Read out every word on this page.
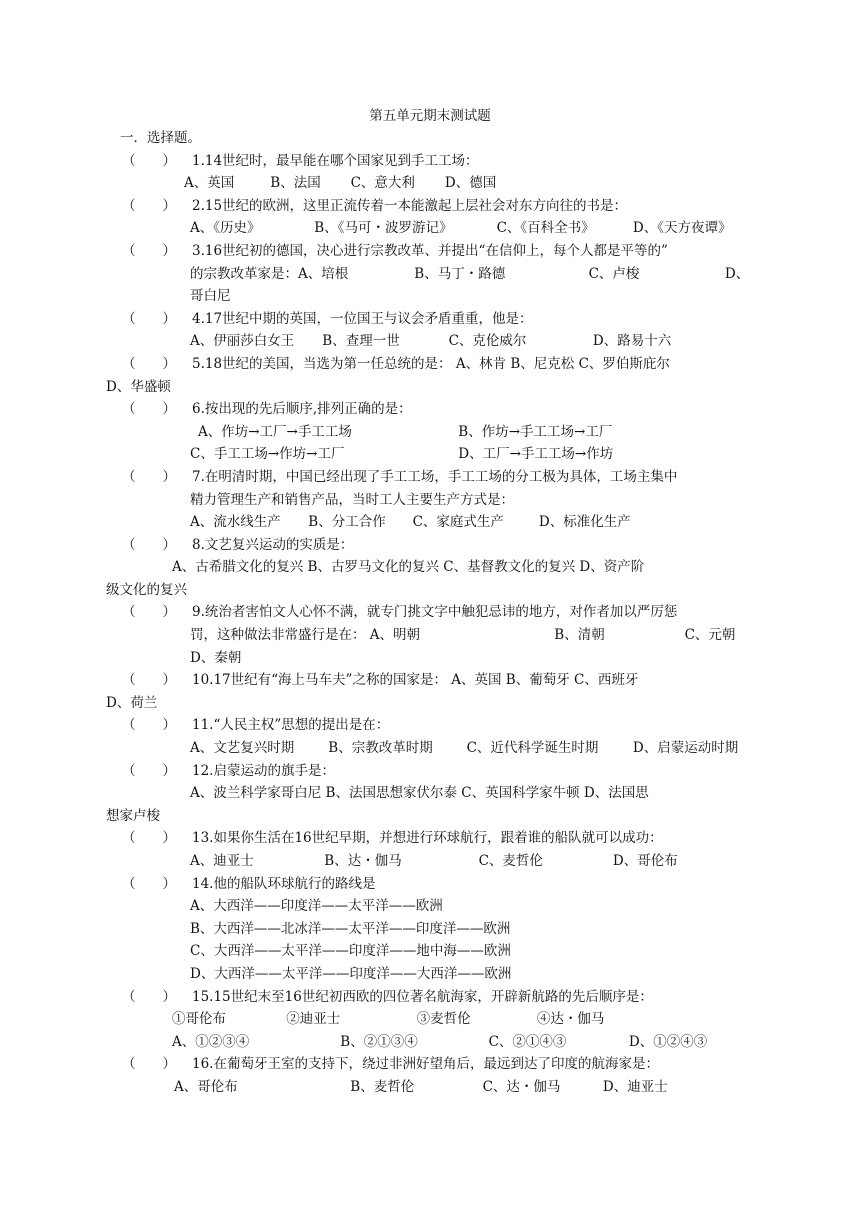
第五单元期末测试题
一．选择题。
（　　）	1.14世纪时，最早能在哪个国家见到手工工场：
A、英国	B、法国 C、意大利 D、德国
（　　）	2.15世纪的欧洲，这里正流传着一本能激起上层社会对东方向往的书是：
A、《历史》	B、《马可・波罗游记》	C、《百科全书》	D、《天方夜谭》
（　　）	3.16世纪初的德国，决心进行宗教改革、并提出“在信仰上，每个人都是平等的”
的宗教改革家是：A、培根	B、马丁・路德	C、卢梭	D、
哥白尼
（　　）	4.17世纪中期的英国，一位国王与议会矛盾重重，他是：
A、伊丽莎白女王 B、查理一世	C、克伦威尔	D、路易十六
（　　）	5.18世纪的美国，当选为第一任总统的是： A、林肯 B、尼克松 C、罗伯斯庇尔
D、华盛顿
（　　）	6.按出现的先后顺序,排列正确的是：
A、作坊→工厂→手工工场	B、作坊→手工工场→工厂
C、手工工场→作坊→工厂	D、工厂→手工工场→作坊
（　　）	7.在明清时期，中国已经出现了手工工场，手工工场的分工极为具体，工场主集中
精力管理生产和销售产品，当时工人主要生产方式是：
A、流水线生产 B、分工合作 C、家庭式生产	D、标准化生产
（　　）	8.文艺复兴运动的实质是：
A、古希腊文化的复兴 B、古罗马文化的复兴 C、基督教文化的复兴 D、资产阶
级文化的复兴
（　　）	9.统治者害怕文人心怀不满，就专门挑文字中触犯忌讳的地方，对作者加以严厉惩
罚，这种做法非常盛行是在： A、明朝	B、清朝	C、元朝
D、秦朝
（　　）	10.17世纪有“海上马车夫”之称的国家是： A、英国 B、葡萄牙 C、西班牙
D、荷兰
（　　）	11.“人民主权”思想的提出是在：
A、文艺复兴时期	B、宗教改革时期	C、近代科学诞生时期	D、启蒙运动时期
（　　）	12.启蒙运动的旗手是：
A、波兰科学家哥白尼 B、法国思想家伏尔泰 C、英国科学家牛顿 D、法国思
想家卢梭
（　　）	13.如果你生活在16世纪早期，并想进行环球航行，跟着谁的船队就可以成功：
A、迪亚士	B、达・伽马	C、麦哲伦	D、哥伦布
（　　）	14.他的船队环球航行的路线是
A、大西洋——印度洋——太平洋——欧洲
B、大西洋——北冰洋——太平洋——印度洋——欧洲
C、大西洋——太平洋——印度洋——地中海——欧洲
D、大西洋——太平洋——印度洋——大西洋——欧洲
（　　）	15.15世纪末至16世纪初西欧的四位著名航海家，开辟新航路的先后顺序是：
①哥伦布	②迪亚士	③麦哲伦	④达・伽马
A、①②③④	B、②①③④	C、②①④③	D、①②④③
（　　）	16.在葡萄牙王室的支持下，绕过非洲好望角后，最远到达了印度的航海家是：
A、哥伦布	B、麦哲伦	C、达・伽马	D、迪亚士
